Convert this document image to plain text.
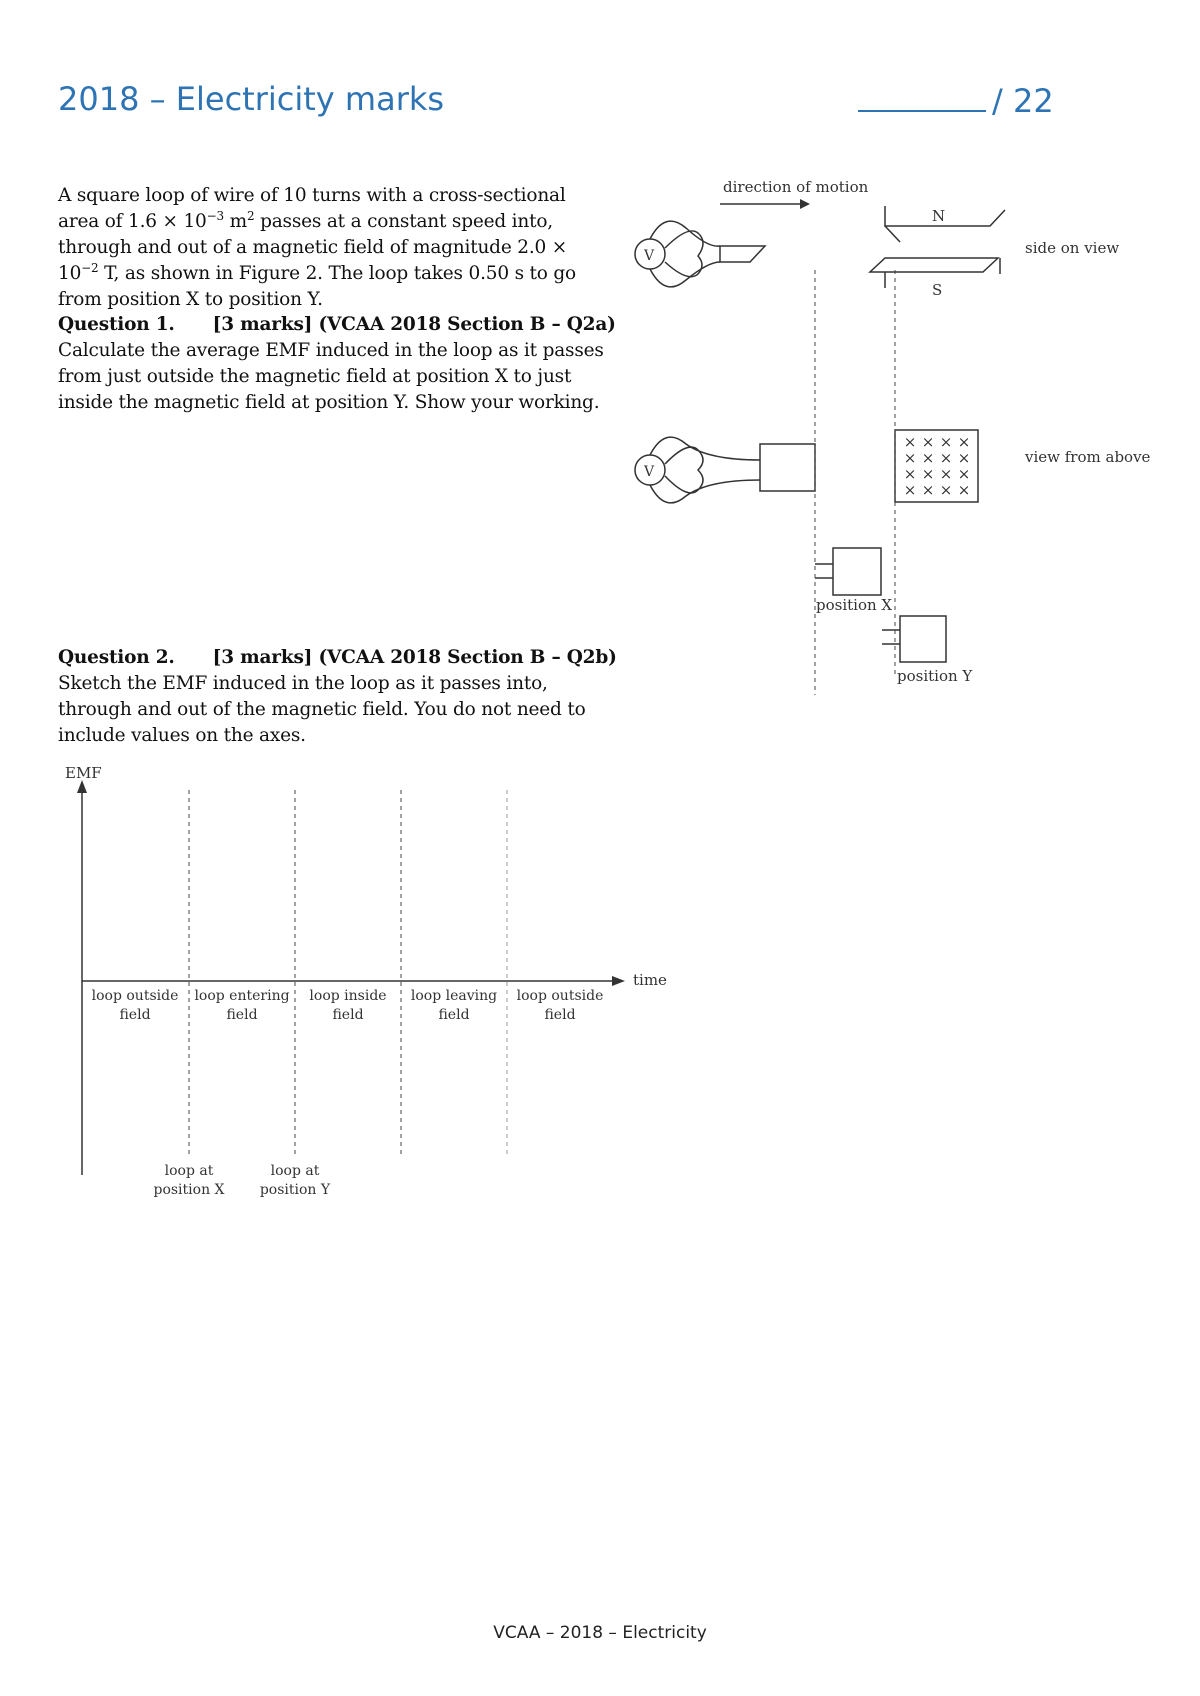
2018 – Electricity marks	/ 22
A square loop of wire of 10 turns with a cross-sectional area of $1.6 \times 10^{-3}$ $m^2$ passes at a constant speed into, through and out of a magnetic field of magnitude $2.0 \times 10^{-2}$ T, as shown in Figure 2. The loop takes 0.50 s to go from position X to position Y.
Question 1. [3 marks] (VCAA 2018 Section B – Q2a)
Calculate the average EMF induced in the loop as it passes from just outside the magnetic field at position X to just inside the magnetic field at position Y. Show your working.
Question 2. [3 marks] (VCAA 2018 Section B – Q2b)
Sketch the EMF induced in the loop as it passes into, through and out of the magnetic field. You do not need to include values on the axes.
× × × ×
× × × ×
× × × ×
× × × ×
direction of motion
N
S
side on view
view from above
V
V
position X
position Y
EMF
time
loop outside
field
loop entering
field
loop inside
field
loop leaving
field
loop outside
field
loop at
position X
loop at
position Y
VCAA – 2018 – Electricity
